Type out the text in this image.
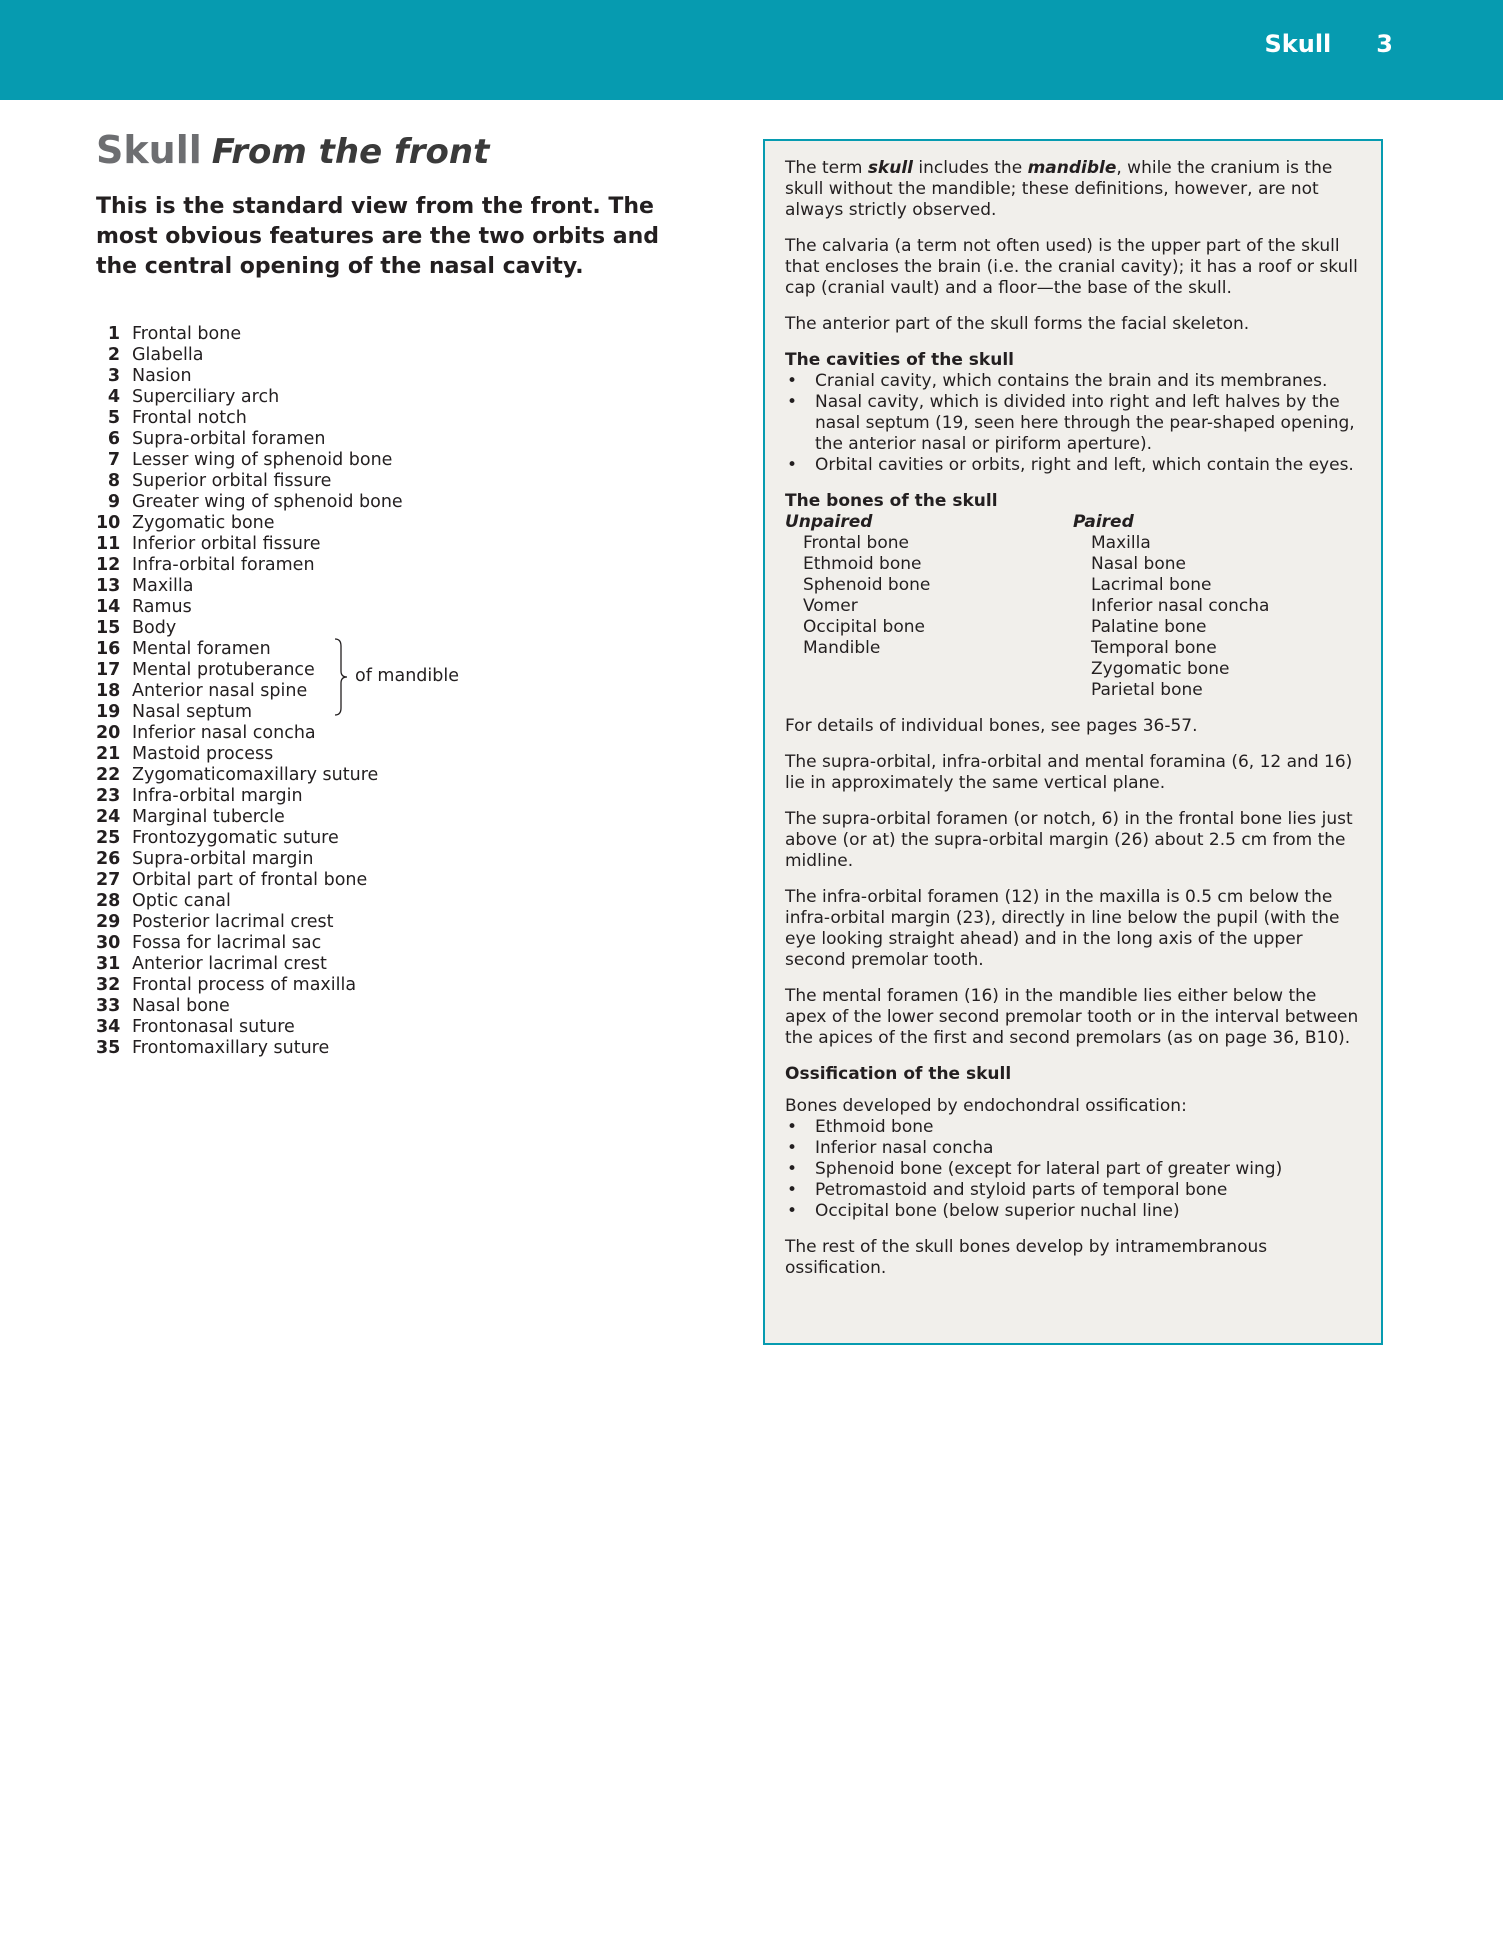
Skull 3
Skull From the front

This is the standard view from the front. The most obvious features are the two orbits and the central opening of the nasal cavity.

1 Frontal bone
2 Glabella
3 Nasion
4 Superciliary arch
5 Frontal notch
6 Supra-orbital foramen
7 Lesser wing of sphenoid bone
8 Superior orbital fissure
9 Greater wing of sphenoid bone
10 Zygomatic bone
11 Inferior orbital fissure
12 Infra-orbital foramen
13 Maxilla
14 Ramus
15 Body
16 Mental foramen
17 Mental protuberance
18 Anterior nasal spine
19 Nasal septum
20 Inferior nasal concha
21 Mastoid process
22 Zygomaticomaxillary suture
23 Infra-orbital margin
24 Marginal tubercle
25 Frontozygomatic suture
26 Supra-orbital margin
27 Orbital part of frontal bone
28 Optic canal
29 Posterior lacrimal crest
30 Fossa for lacrimal sac
31 Anterior lacrimal crest
32 Frontal process of maxilla
33 Nasal bone
34 Frontonasal suture
35 Frontomaxillary suture
of mandible

The term skull includes the mandible, while the cranium is the skull without the mandible; these definitions, however, are not always strictly observed.

The calvaria (a term not often used) is the upper part of the skull that encloses the brain (i.e. the cranial cavity); it has a roof or skull cap (cranial vault) and a floor—the base of the skull.

The anterior part of the skull forms the facial skeleton.

The cavities of the skull
• Cranial cavity, which contains the brain and its membranes.
• Nasal cavity, which is divided into right and left halves by the nasal septum (19, seen here through the pear-shaped opening, the anterior nasal or piriform aperture).
• Orbital cavities or orbits, right and left, which contain the eyes.
The bones of the skull
Unpaired
Frontal bone
Ethmoid bone
Sphenoid bone
Vomer
Occipital bone
Mandible
Paired
Maxilla
Nasal bone
Lacrimal bone
Inferior nasal concha
Palatine bone
Temporal bone
Zygomatic bone
Parietal bone

For details of individual bones, see pages 36-57.

The supra-orbital, infra-orbital and mental foramina (6, 12 and 16) lie in approximately the same vertical plane.

The supra-orbital foramen (or notch, 6) in the frontal bone lies just above (or at) the supra-orbital margin (26) about 2.5 cm from the midline.

The infra-orbital foramen (12) in the maxilla is 0.5 cm below the infra-orbital margin (23), directly in line below the pupil (with the eye looking straight ahead) and in the long axis of the upper second premolar tooth.

The mental foramen (16) in the mandible lies either below the apex of the lower second premolar tooth or in the interval between the apices of the first and second premolars (as on page 36, B10).

Ossification of the skull
Bones developed by endochondral ossification:
• Ethmoid bone
• Inferior nasal concha
• Sphenoid bone (except for lateral part of greater wing)
• Petromastoid and styloid parts of temporal bone
• Occipital bone (below superior nuchal line)

The rest of the skull bones develop by intramembranous ossification.
